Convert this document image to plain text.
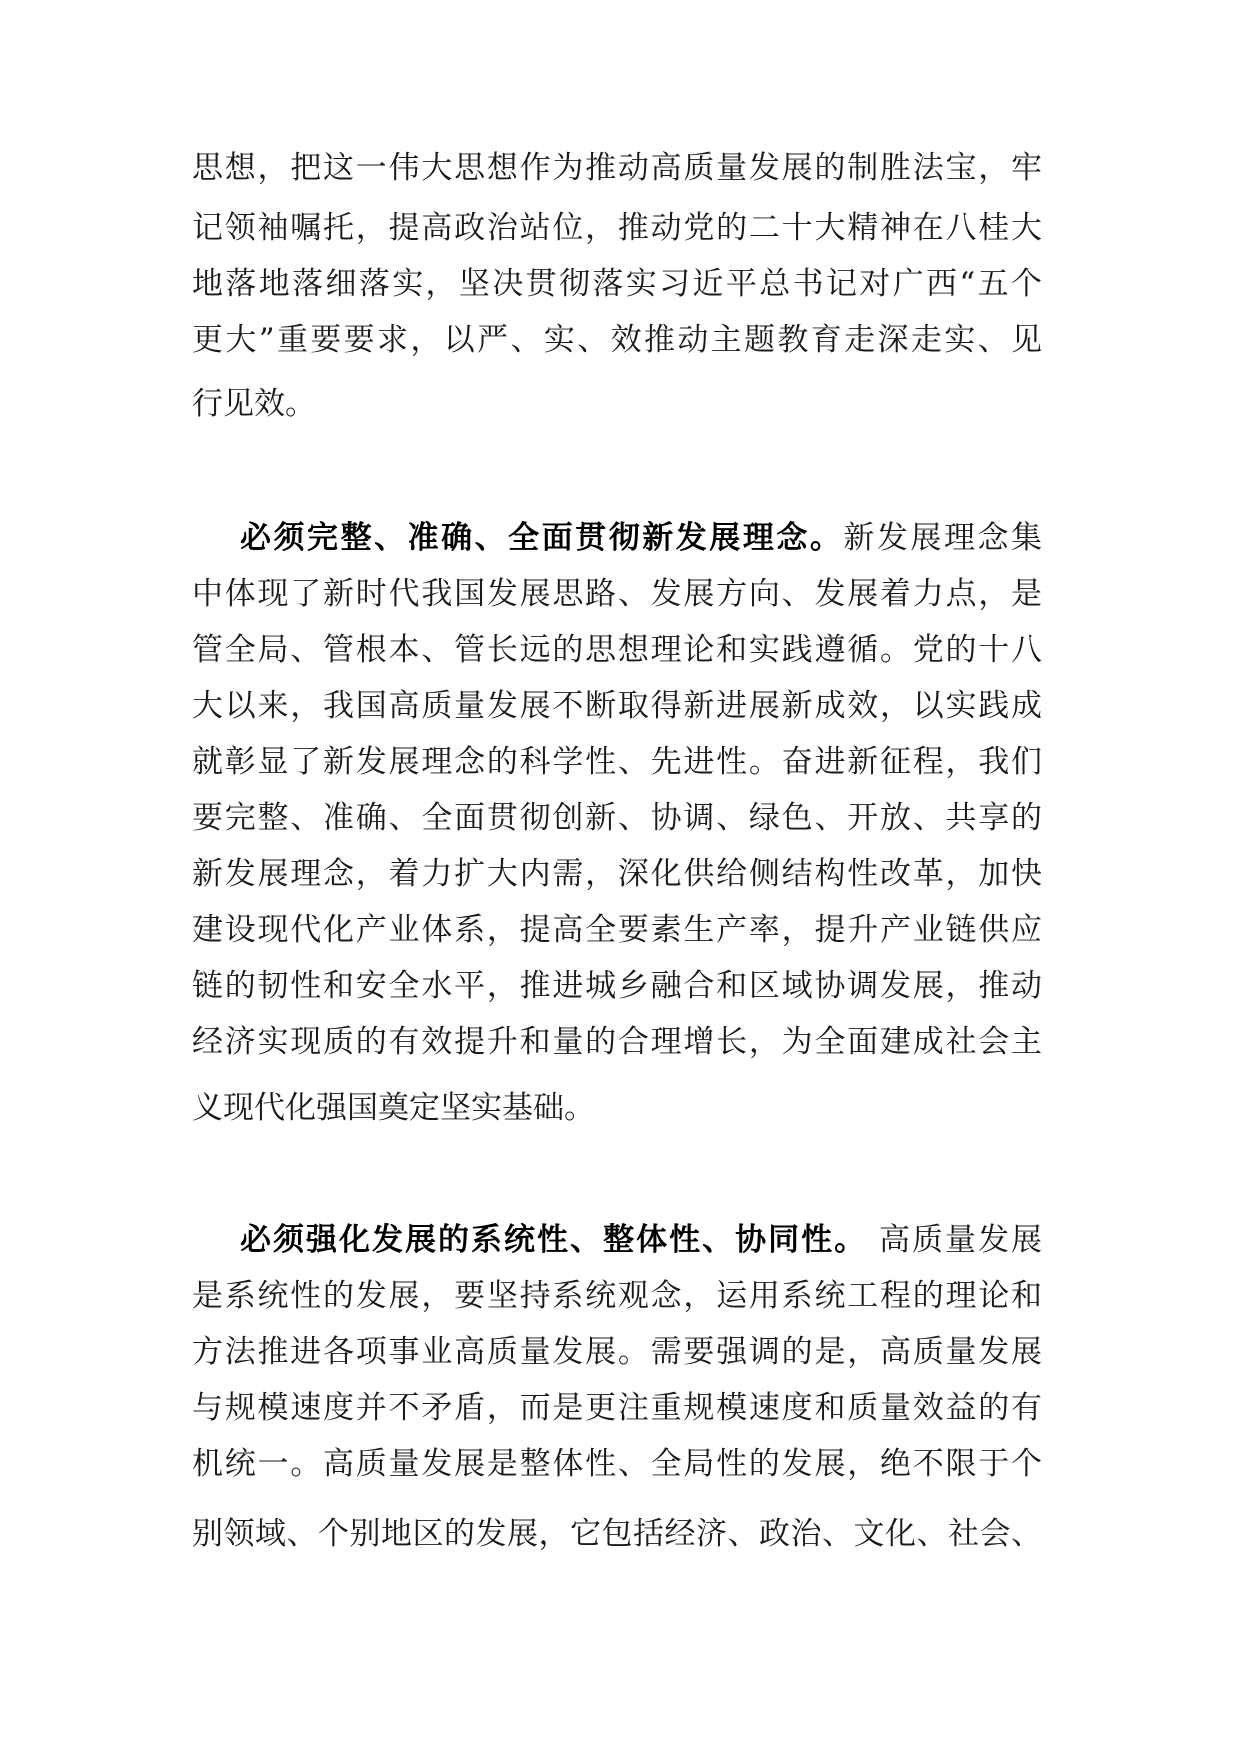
思想，把这一伟大思想作为推动高质量发展的制胜法宝，牢
记领袖嘱托，提高政治站位，推动党的二十大精神在八桂大
地落地落细落实，坚决贯彻落实习近平总书记对广西“五个
更大”重要要求，以严、实、效推动主题教育走深走实、见
行见效。
必须完整、准确、全面贯彻新发展理念。新发展理念集
中体现了新时代我国发展思路、发展方向、发展着力点，是
管全局、管根本、管长远的思想理论和实践遵循。党的十八
大以来，我国高质量发展不断取得新进展新成效，以实践成
就彰显了新发展理念的科学性、先进性。奋进新征程，我们
要完整、准确、全面贯彻创新、协调、绿色、开放、共享的
新发展理念，着力扩大内需，深化供给侧结构性改革，加快
建设现代化产业体系，提高全要素生产率，提升产业链供应
链的韧性和安全水平，推进城乡融合和区域协调发展，推动
经济实现质的有效提升和量的合理增长，为全面建成社会主
义现代化强国奠定坚实基础。
必须强化发展的系统性、整体性、协同性。 高质量发展
是系统性的发展，要坚持系统观念，运用系统工程的理论和
方法推进各项事业高质量发展。需要强调的是，高质量发展
与规模速度并不矛盾，而是更注重规模速度和质量效益的有
机统一。高质量发展是整体性、全局性的发展，绝不限于个
别领域、个别地区的发展，它包括经济、政治、文化、社会、
